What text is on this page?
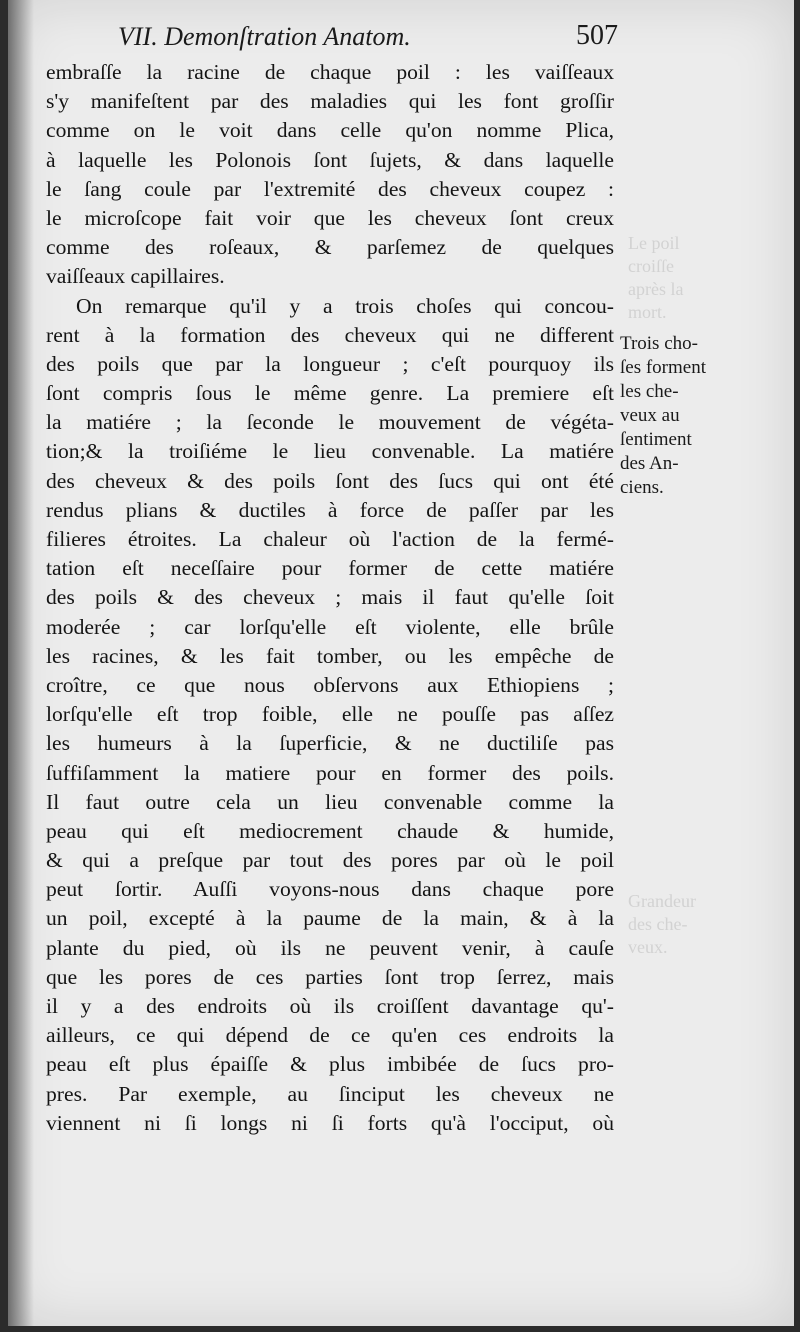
Le poil
croiſſe
après la
mort.
Grandeur
des che-
veux.
VII. Demonſtration Anatom.	507
embraſſe la racine de chaque poil : les vaiſſeaux
s'y manifeſtent par des maladies qui les font groſſir
comme on le voit dans celle qu'on nomme Plica,
à laquelle les Polonois ſont ſujets, & dans laquelle
le ſang coule par l'extremité des cheveux coupez :
le microſcope fait voir que les cheveux ſont creux
comme des roſeaux, & parſemez de quelques
vaiſſeaux capillaires.
On remarque qu'il y a trois choſes qui concou-
rent à la formation des cheveux qui ne different
des poils que par la longueur ; c'eſt pourquoy ils
ſont compris ſous le même genre. La premiere eſt
la matiére ; la ſeconde le mouvement de végéta-
tion;& la troiſiéme le lieu convenable. La matiére
des cheveux & des poils ſont des ſucs qui ont été
rendus plians & ductiles à force de paſſer par les
filieres étroites. La chaleur où l'action de la fermé-
tation eſt neceſſaire pour former de cette matiére
des poils & des cheveux ; mais il faut qu'elle ſoit
moderée ; car lorſqu'elle eſt violente, elle brûle
les racines, & les fait tomber, ou les empêche de
croître, ce que nous obſervons aux Ethiopiens ;
lorſqu'elle eſt trop foible, elle ne pouſſe pas aſſez
les humeurs à la ſuperficie, & ne ductiliſe pas
ſuffiſamment la matiere pour en former des poils.
Il faut outre cela un lieu convenable comme la
peau qui eſt mediocrement chaude & humide,
& qui a preſque par tout des pores par où le poil
peut ſortir. Auſſi voyons-nous dans chaque pore
un poil, excepté à la paume de la main, & à la
plante du pied, où ils ne peuvent venir, à cauſe
que les pores de ces parties ſont trop ſerrez, mais
il y a des endroits où ils croiſſent davantage qu'-
ailleurs, ce qui dépend de ce qu'en ces endroits la
peau eſt plus épaiſſe & plus imbibée de ſucs pro-
pres. Par exemple, au ſinciput les cheveux ne
viennent ni ſi longs ni ſi forts qu'à l'occiput, où
Trois cho-
ſes forment
les che-
veux au
ſentiment
des An-
ciens.
